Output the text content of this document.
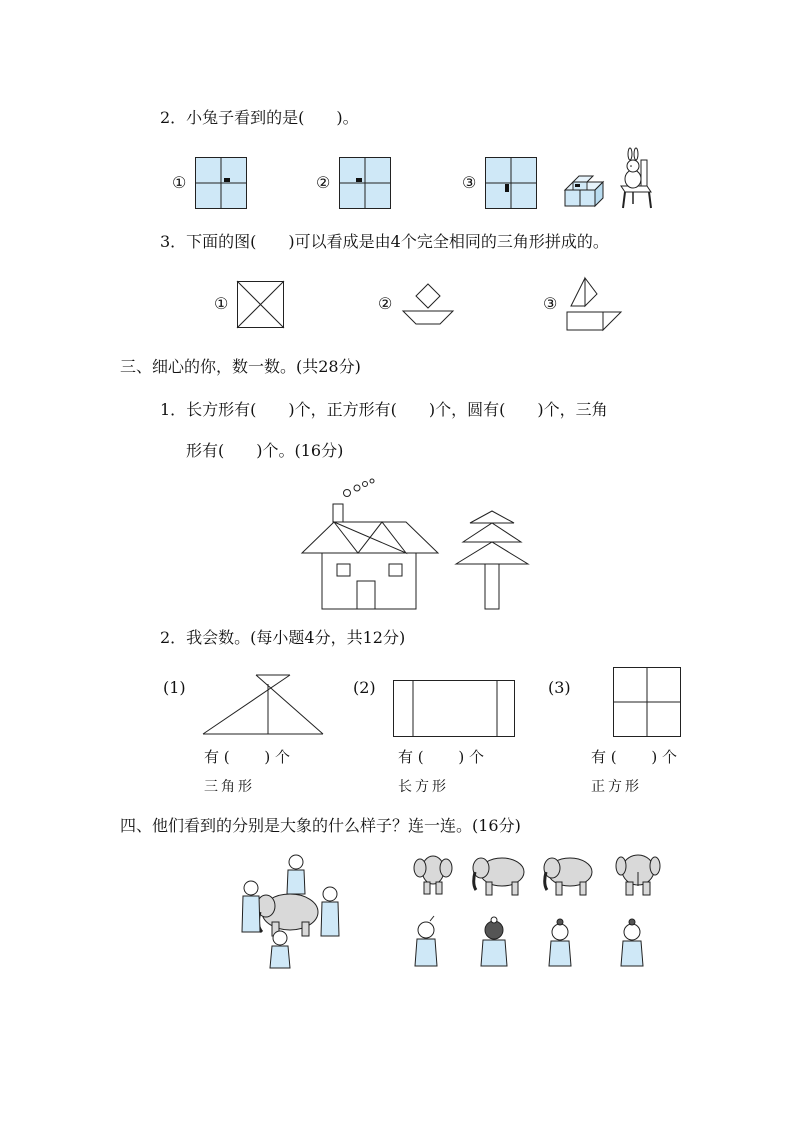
2．小兔子看到的是(　　)。
①	②	③
3．下面的图(　　)可以看成是由4个完全相同的三角形拼成的。
①	②	③
三、细心的你，数一数。(共28分)
1．长方形有(　　)个，正方形有(　　)个，圆有(　　)个，三角
形有(　　)个。(16分)
2．我会数。(每小题4分，共12分)
(1)
有 (　　 ) 个
三角形
(2)
有 (　　 ) 个
长方形
(3)
有 (　　 ) 个
正方形
四、他们看到的分别是大象的什么样子？连一连。(16分)
